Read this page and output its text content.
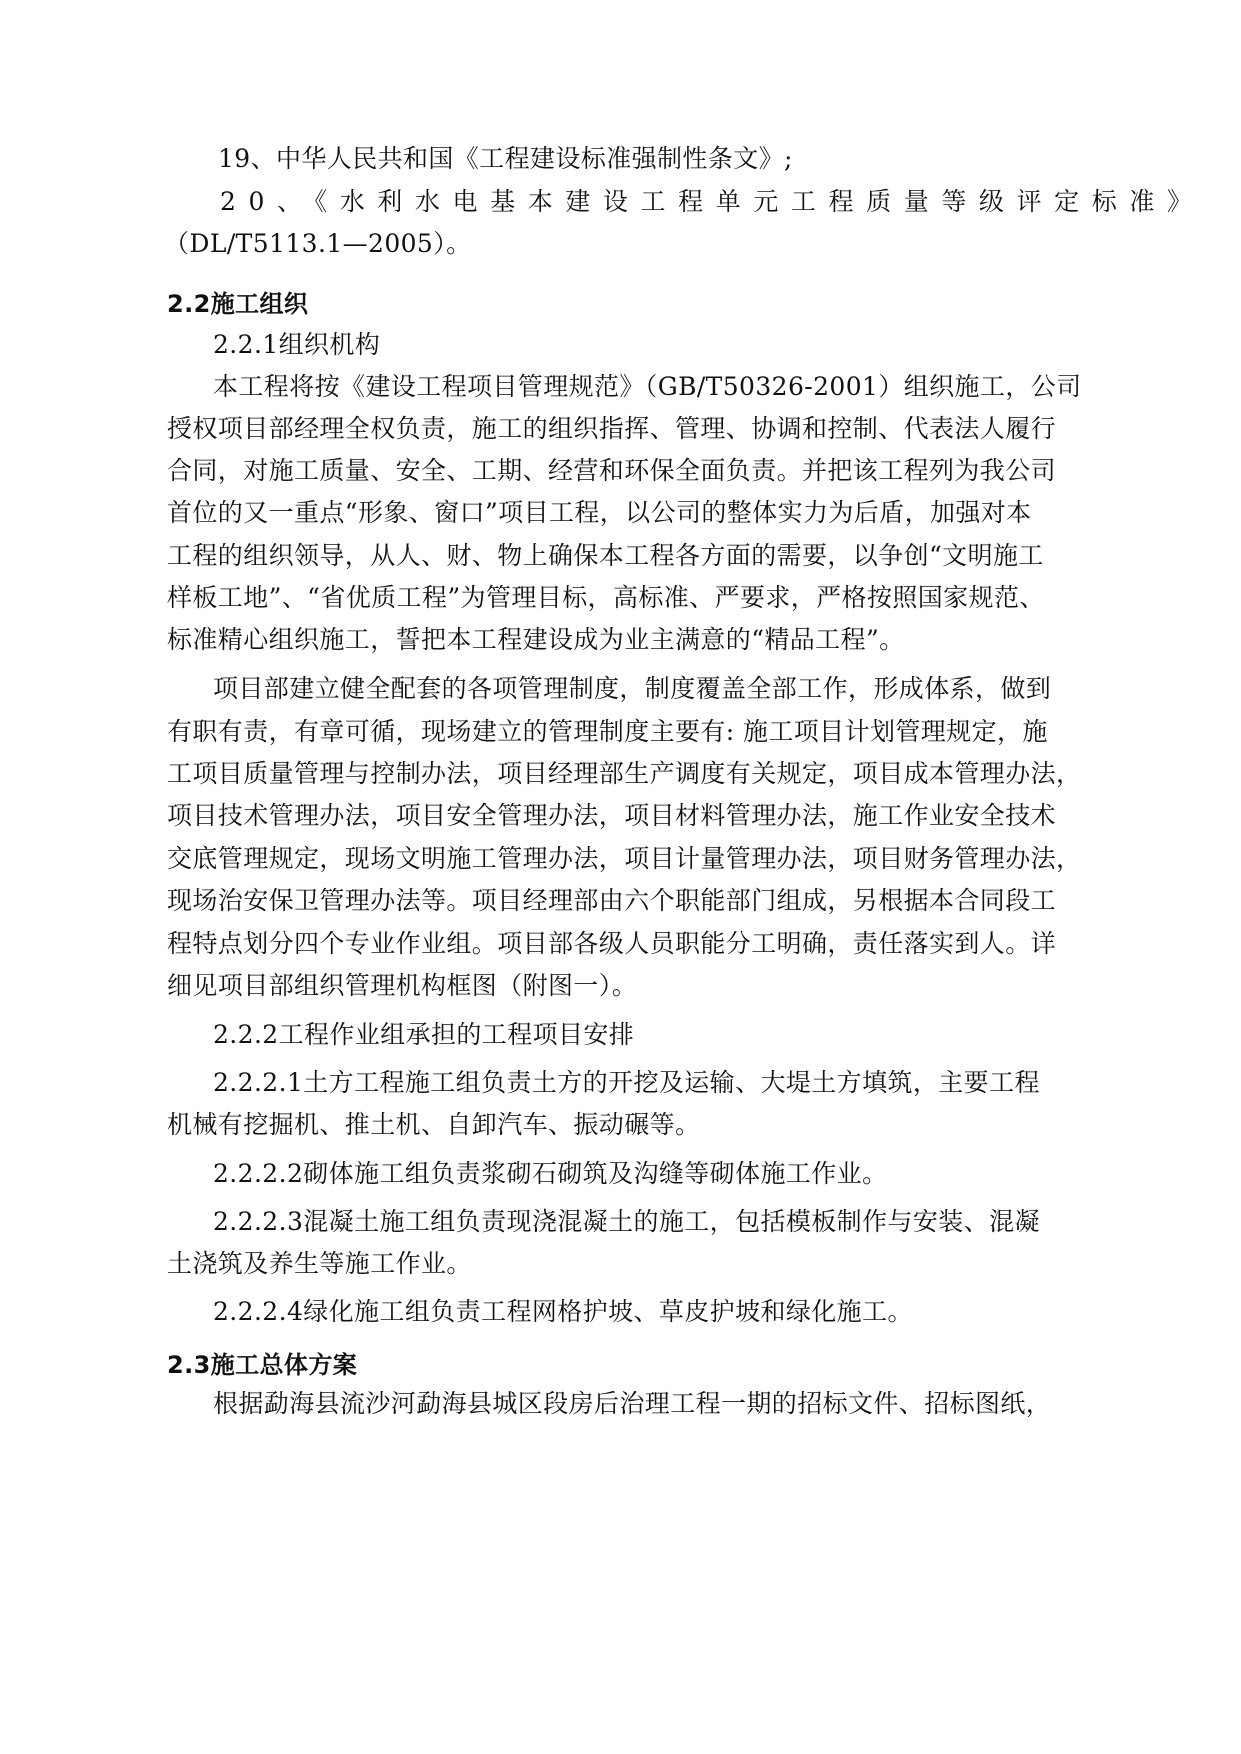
19、中华人民共和国《工程建设标准强制性条文》;
20、《水利水电基本建设工程单元工程质量等级评定标准》
（DL/T5113.1—2005）。
2.2施工组织
2.2.1组织机构
本工程将按《建设工程项目管理规范》（GB/T50326-2001）组织施工，公司
授权项目部经理全权负责，施工的组织指挥、管理、协调和控制、代表法人履行
合同，对施工质量、安全、工期、经营和环保全面负责。并把该工程列为我公司
首位的又一重点“形象、窗口”项目工程，以公司的整体实力为后盾，加强对本
工程的组织领导，从人、财、物上确保本工程各方面的需要，以争创“文明施工
样板工地”、“省优质工程”为管理目标，高标准、严要求，严格按照国家规范、
标准精心组织施工，誓把本工程建设成为业主满意的“精品工程”。
项目部建立健全配套的各项管理制度，制度覆盖全部工作，形成体系，做到
有职有责，有章可循，现场建立的管理制度主要有: 施工项目计划管理规定，施
工项目质量管理与控制办法，项目经理部生产调度有关规定，项目成本管理办法，
项目技术管理办法，项目安全管理办法，项目材料管理办法，施工作业安全技术
交底管理规定，现场文明施工管理办法，项目计量管理办法，项目财务管理办法，
现场治安保卫管理办法等。项目经理部由六个职能部门组成，另根据本合同段工
程特点划分四个专业作业组。项目部各级人员职能分工明确，责任落实到人。详
细见项目部组织管理机构框图（附图一）。
2.2.2工程作业组承担的工程项目安排
2.2.2.1土方工程施工组负责土方的开挖及运输、大堤土方填筑，主要工程
机械有挖掘机、推土机、自卸汽车、振动碾等。
2.2.2.2砌体施工组负责浆砌石砌筑及沟缝等砌体施工作业。
2.2.2.3混凝土施工组负责现浇混凝土的施工，包括模板制作与安装、混凝
土浇筑及养生等施工作业。
2.2.2.4绿化施工组负责工程网格护坡、草皮护坡和绿化施工。
2.3施工总体方案
根据勐海县流沙河勐海县城区段房后治理工程一期的招标文件、招标图纸，
